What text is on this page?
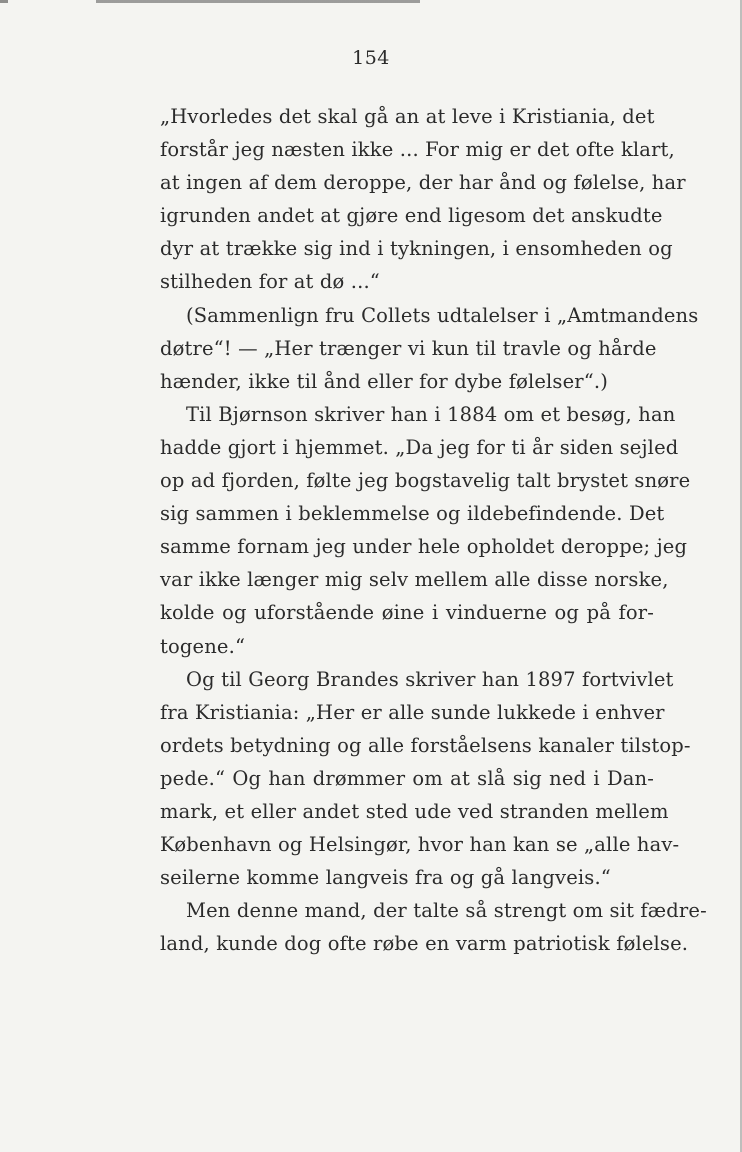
154
„Hvorledes det skal gå an at leve i Kristiania, det
forstår jeg næsten ikke ... For mig er det ofte klart,
at ingen af dem deroppe, der har ånd og følelse, har
igrunden andet at gjøre end ligesom det anskudte
dyr at trække sig ind i tykningen, i ensomheden og
stilheden for at dø ...“
(Sammenlign fru Collets udtalelser i „Amtmandens
døtre“! — „Her trænger vi kun til travle og hårde
hænder, ikke til ånd eller for dybe følelser“.)
Til Bjørnson skriver han i 1884 om et besøg, han
hadde gjort i hjemmet. „Da jeg for ti år siden sejled
op ad fjorden, følte jeg bogstavelig talt brystet snøre
sig sammen i beklemmelse og ildebefindende. Det
samme fornam jeg under hele opholdet deroppe; jeg
var ikke længer mig selv mellem alle disse norske,
kolde og uforstående øine i vinduerne og på for-
togene.“
Og til Georg Brandes skriver han 1897 fortvivlet
fra Kristiania: „Her er alle sunde lukkede i enhver
ordets betydning og alle forståelsens kanaler tilstop-
pede.“ Og han drømmer om at slå sig ned i Dan-
mark, et eller andet sted ude ved stranden mellem
København og Helsingør, hvor han kan se „alle hav-
seilerne komme langveis fra og gå langveis.“
Men denne mand, der talte så strengt om sit fædre-
land, kunde dog ofte røbe en varm patriotisk følelse.
